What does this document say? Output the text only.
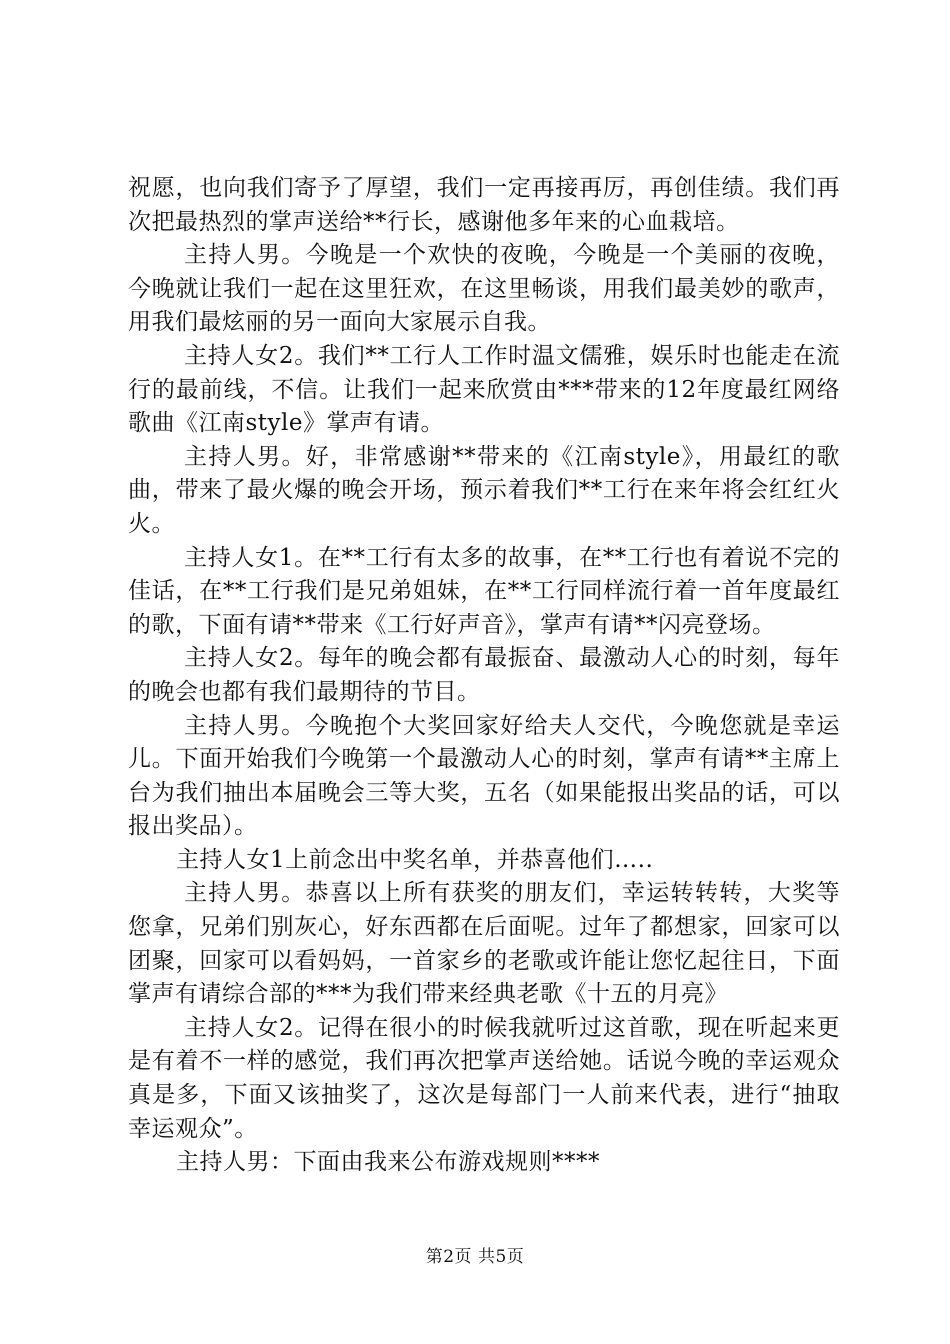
祝愿，也向我们寄予了厚望，我们一定再接再厉，再创佳绩。我们再次把最热烈的掌声送给**行长，感谢他多年来的心血栽培。

主持人男。今晚是一个欢快的夜晚，今晚是一个美丽的夜晚，今晚就让我们一起在这里狂欢，在这里畅谈，用我们最美妙的歌声，用我们最炫丽的另一面向大家展示自我。

主持人女2。我们**工行人工作时温文儒雅，娱乐时也能走在流行的最前线，不信。让我们一起来欣赏由***带来的12年度最红网络歌曲《江南style》掌声有请。

主持人男。好，非常感谢**带来的《江南style》，用最红的歌曲，带来了最火爆的晚会开场，预示着我们**工行在来年将会红红火火。

主持人女1。在**工行有太多的故事，在**工行也有着说不完的佳话，在**工行我们是兄弟姐妹，在**工行同样流行着一首年度最红的歌，下面有请**带来《工行好声音》，掌声有请**闪亮登场。

主持人女2。每年的晚会都有最振奋、最激动人心的时刻，每年的晚会也都有我们最期待的节目。

主持人男。今晚抱个大奖回家好给夫人交代，今晚您就是幸运儿。下面开始我们今晚第一个最激动人心的时刻，掌声有请**主席上台为我们抽出本届晚会三等大奖，五名（如果能报出奖品的话，可以报出奖品）。

主持人女1上前念出中奖名单，并恭喜他们…..

主持人男。恭喜以上所有获奖的朋友们，幸运转转转，大奖等您拿，兄弟们别灰心，好东西都在后面呢。过年了都想家，回家可以团聚，回家可以看妈妈，一首家乡的老歌或许能让您忆起往日，下面掌声有请综合部的***为我们带来经典老歌《十五的月亮》

主持人女2。记得在很小的时候我就听过这首歌，现在听起来更是有着不一样的感觉，我们再次把掌声送给她。话说今晚的幸运观众真是多，下面又该抽奖了，这次是每部门一人前来代表，进行“抽取幸运观众”。

主持人男：下面由我来公布游戏规则****

第2页 共5页
